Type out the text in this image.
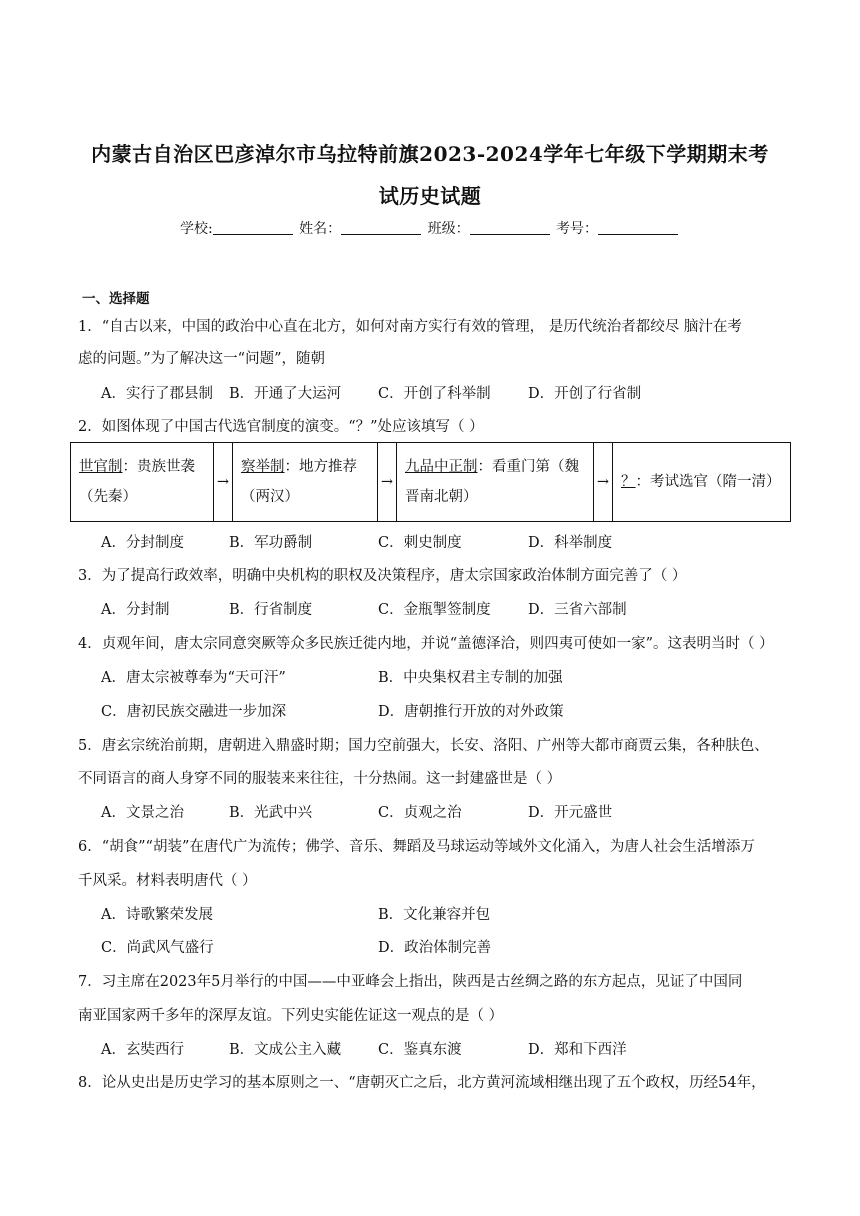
内蒙古自治区巴彦淖尔市乌拉特前旗2023-2024学年七年级下学期期末考
试历史试题
学校:	姓名：	班级：	考号：
一、选择题
1．“自古以来，中国的政治中心直在北方，如何对南方实行有效的管理， 是历代统治者都绞尽 脑汁在考
虑的问题。”为了解决这一“问题”，随朝
A．实行了郡县制 B．开通了大运河	C．开创了科举制	D．开创了行省制
2．如图体现了中国古代选官制度的演变。“？”处应该填写（ ）
世官制：贵族世袭（先秦）	→	察举制：地方推荐（两汉）	→	九品中正制：看重门第（魏晋南北朝）	→	？：考试选官（隋一清）
A．分封制度	B．军功爵制	C．刺史制度	D．科举制度
3．为了提高行政效率，明确中央机构的职权及决策程序，唐太宗国家政治体制方面完善了（ ）
A．分封制	B．行省制度	C．金瓶掣签制度	D．三省六部制
4．贞观年间，唐太宗同意突厥等众多民族迁徙内地，并说“盖德泽洽，则四夷可使如一家”。这表明当时（ ）
A．唐太宗被尊奉为“天可汗”	B．中央集权君主专制的加强
C．唐初民族交融进一步加深	D．唐朝推行开放的对外政策
5．唐玄宗统治前期，唐朝进入鼎盛时期；国力空前强大，长安、洛阳、广州等大都市商贾云集，各种肤色、
不同语言的商人身穿不同的服装来来往往，十分热闹。这一封建盛世是（ ）
A．文景之治	B．光武中兴	C．贞观之治	D．开元盛世
6．“胡食”“胡装”在唐代广为流传；佛学、音乐、舞蹈及马球运动等域外文化涌入，为唐人社会生活增添万
千风采。材料表明唐代（ ）
A．诗歌繁荣发展	B．文化兼容并包
C．尚武风气盛行	D．政治体制完善
7．习主席在2023年5月举行的中国——中亚峰会上指出，陕西是古丝绸之路的东方起点，见证了中国同
南亚国家两千多年的深厚友谊。下列史实能佐证这一观点的是（ ）
A．玄奘西行	B．文成公主入藏	C．鉴真东渡	D．郑和下西洋
8．论从史出是历史学习的基本原则之一、“唐朝灭亡之后，北方黄河流域相继出现了五个政权，历经54年，
